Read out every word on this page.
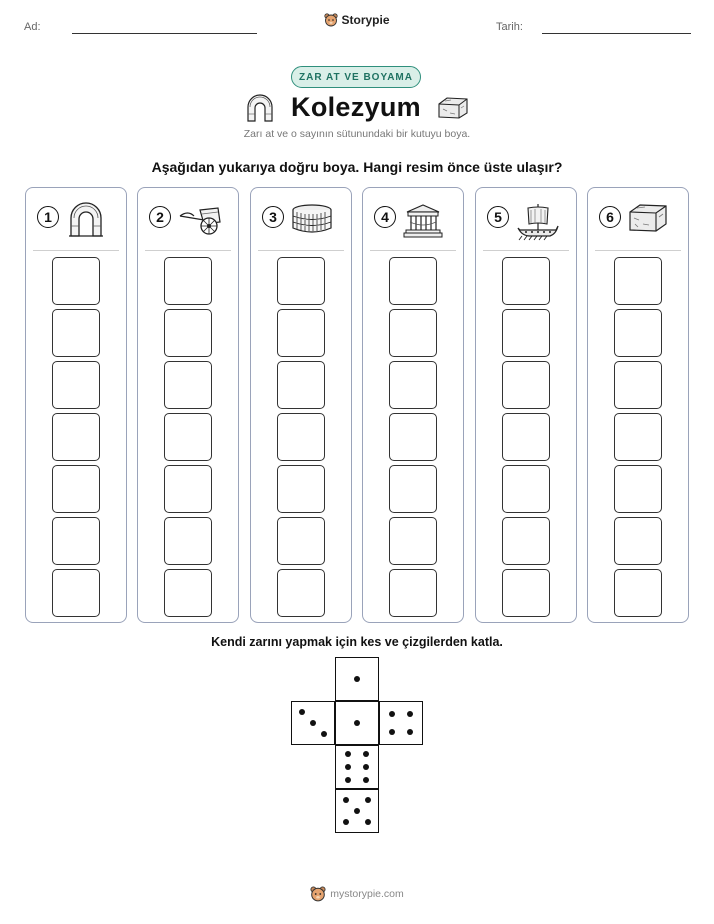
Ad:	Storypie	Tarih:
ZAR AT VE BOYAMA
Kolezyum
Zarı at ve o sayının sütunundaki bir kutuyu boya.
Aşağıdan yukarıya doğru boya. Hangi resim önce üste ulaşır?
1	2	3	4	5	6
Kendi zarını yapmak için kes ve çizgilerden katla.
mystorypie.com
